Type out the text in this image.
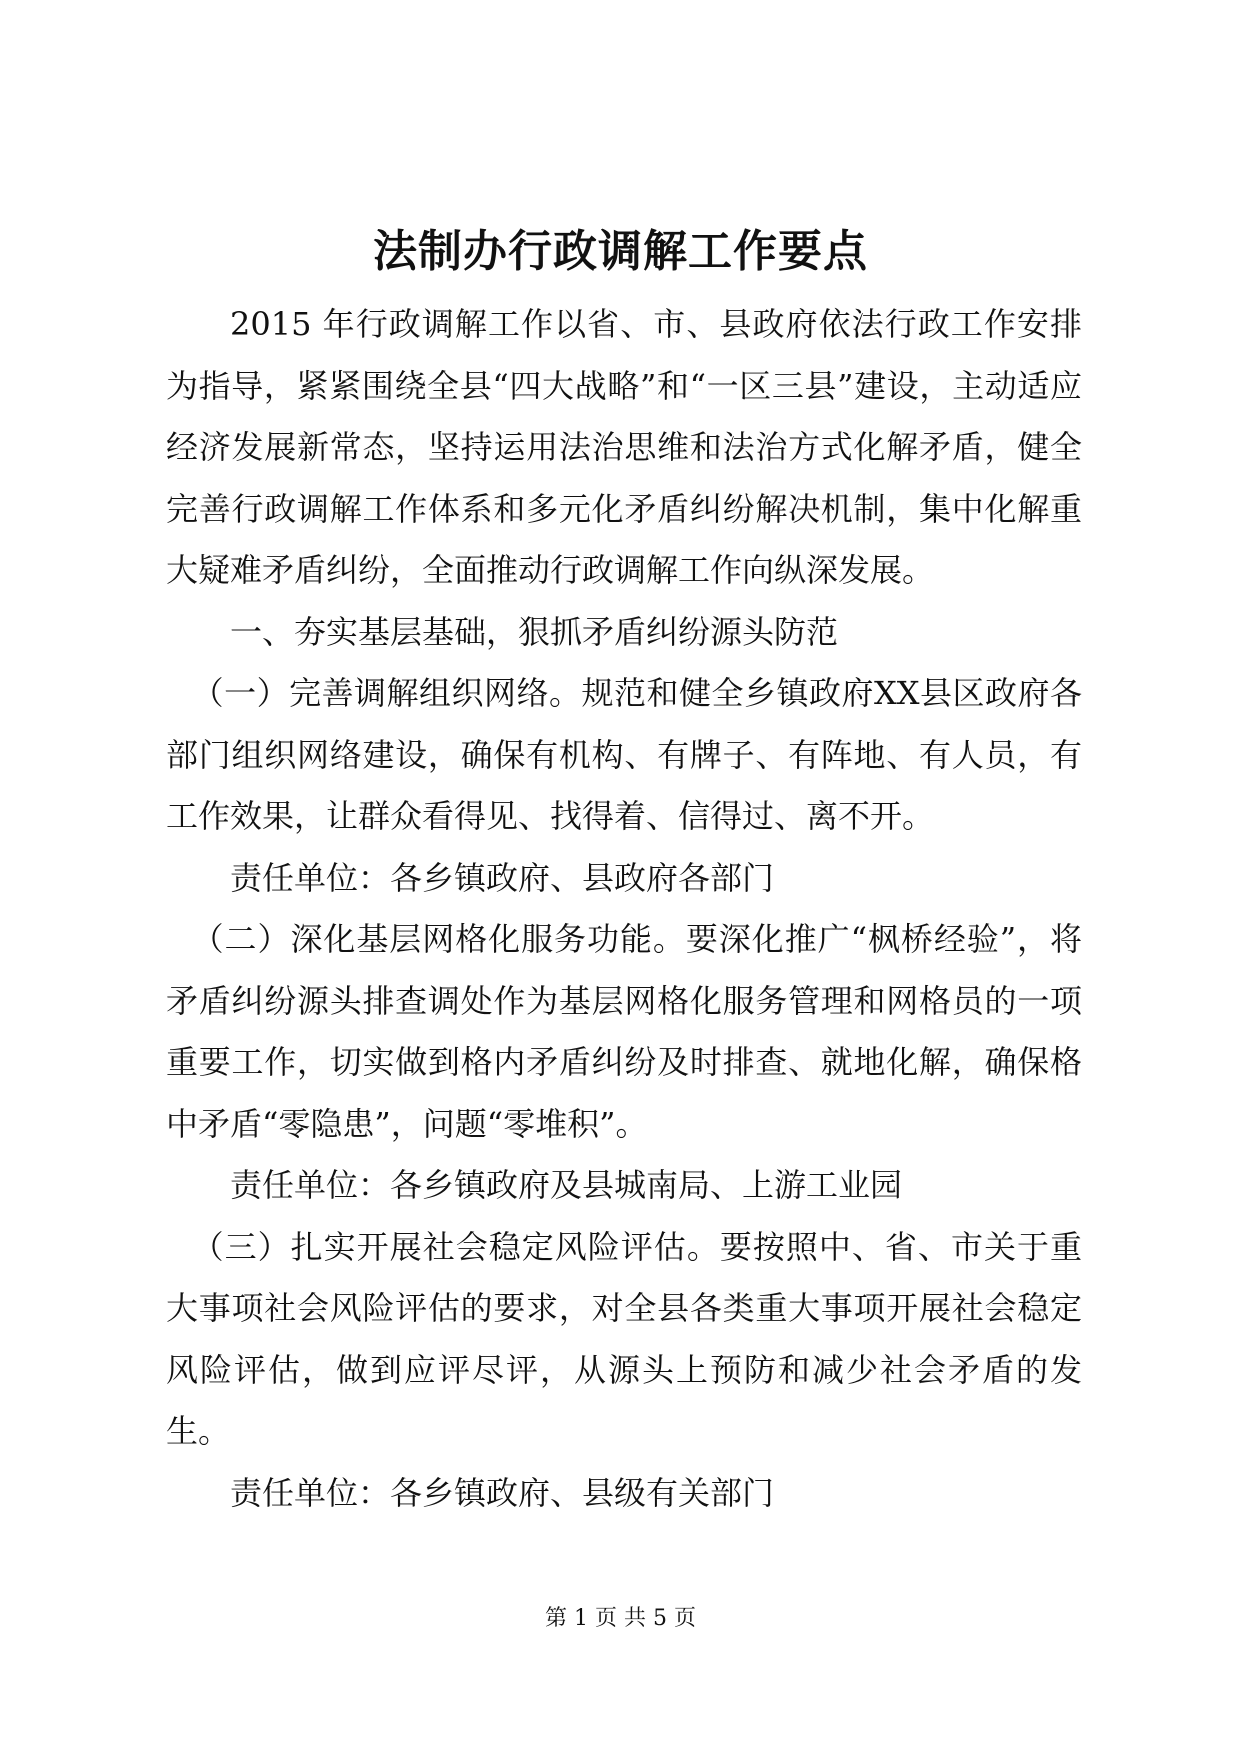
法制办行政调解工作要点

2015 年行政调解工作以省、市、县政府依法行政工作安排为指导，紧紧围绕全县“四大战略”和“一区三县”建设，主动适应经济发展新常态，坚持运用法治思维和法治方式化解矛盾，健全完善行政调解工作体系和多元化矛盾纠纷解决机制，集中化解重大疑难矛盾纠纷，全面推动行政调解工作向纵深发展。

一、夯实基层基础，狠抓矛盾纠纷源头防范

（一）完善调解组织网络。规范和健全乡镇政府XX县区政府各部门组织网络建设，确保有机构、有牌子、有阵地、有人员，有工作效果，让群众看得见、找得着、信得过、离不开。

责任单位：各乡镇政府、县政府各部门

（二）深化基层网格化服务功能。要深化推广“枫桥经验”，将矛盾纠纷源头排查调处作为基层网格化服务管理和网格员的一项重要工作，切实做到格内矛盾纠纷及时排查、就地化解，确保格中矛盾“零隐患”，问题“零堆积”。

责任单位：各乡镇政府及县城南局、上游工业园

（三）扎实开展社会稳定风险评估。要按照中、省、市关于重大事项社会风险评估的要求，对全县各类重大事项开展社会稳定风险评估，做到应评尽评，从源头上预防和减少社会矛盾的发生。

责任单位：各乡镇政府、县级有关部门

第 1 页 共 5 页
